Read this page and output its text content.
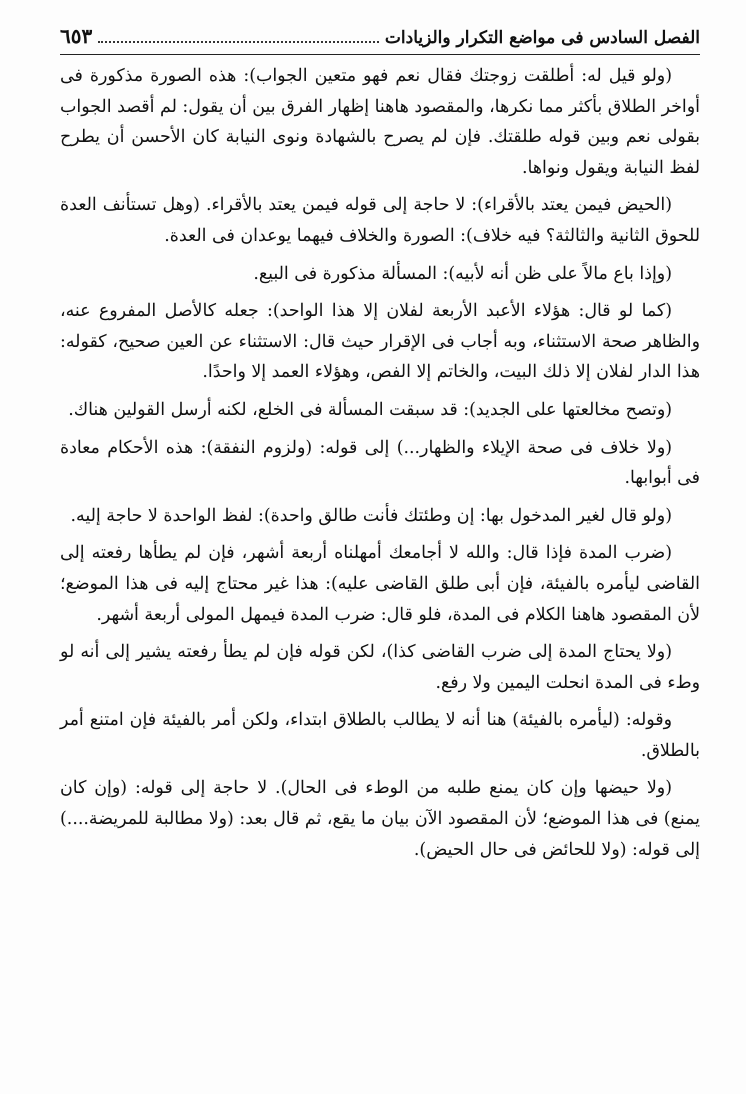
الفصل السادس فى مواضع التكرار والزيادات
٦٥٣

(ولو قيل له: أطلقت زوجتك فقال نعم فهو متعين الجواب): هذه الصورة مذكورة فى أواخر الطلاق بأكثر مما نكرها، والمقصود هاهنا إظهار الفرق بين أن يقول: لم أقصد الجواب بقولى نعم وبين قوله طلقتك. فإن لم يصرح بالشهادة ونوى النيابة كان الأحسن أن يطرح لفظ النيابة ويقول ونواها.

(الحيض فيمن يعتد بالأقراء): لا حاجة إلى قوله فيمن يعتد بالأقراء. (وهل تستأنف العدة للحوق الثانية والثالثة؟ فيه خلاف): الصورة والخلاف فيهما يوعدان فى العدة.

(وإذا باع مالاً على ظن أنه لأبيه): المسألة مذكورة فى البيع.

(كما لو قال: هؤلاء الأعبد الأربعة لفلان إلا هذا الواحد): جعله كالأصل المفروع عنه، والظاهر صحة الاستثناء، وبه أجاب فى الإقرار حيث قال: الاستثناء عن العين صحيح، كقوله: هذا الدار لفلان إلا ذلك البيت، والخاتم إلا الفص، وهؤلاء العمد إلا واحدًا.

(وتصح مخالعتها على الجديد): قد سبقت المسألة فى الخلع، لكنه أرسل القولين هناك.

(ولا خلاف فى صحة الإيلاء والظهار...) إلى قوله: (ولزوم النفقة): هذه الأحكام معادة فى أبوابها.

(ولو قال لغير المدخول بها: إن وطئتك فأنت طالق واحدة): لفظ الواحدة لا حاجة إليه.

(ضرب المدة فإذا قال: والله لا أجامعك أمهلناه أربعة أشهر، فإن لم يطأها رفعته إلى القاضى ليأمره بالفيئة، فإن أبى طلق القاضى عليه): هذا غير محتاج إليه فى هذا الموضع؛ لأن المقصود هاهنا الكلام فى المدة، فلو قال: ضرب المدة فيمهل المولى أربعة أشهر.

(ولا يحتاج المدة إلى ضرب القاضى كذا)، لكن قوله فإن لم يطأ رفعته يشير إلى أنه لو وطء فى المدة انحلت اليمين ولا رفع.

وقوله: (ليأمره بالفيئة) هنا أنه لا يطالب بالطلاق ابتداء، ولكن أمر بالفيئة فإن امتنع أمر بالطلاق.

(ولا حيضها وإن كان يمنع طلبه من الوطء فى الحال). لا حاجة إلى قوله: (وإن كان يمنع) فى هذا الموضع؛ لأن المقصود الآن بيان ما يقع، ثم قال بعد: (ولا مطالبة للمريضة....) إلى قوله: (ولا للحائض فى حال الحيض).
